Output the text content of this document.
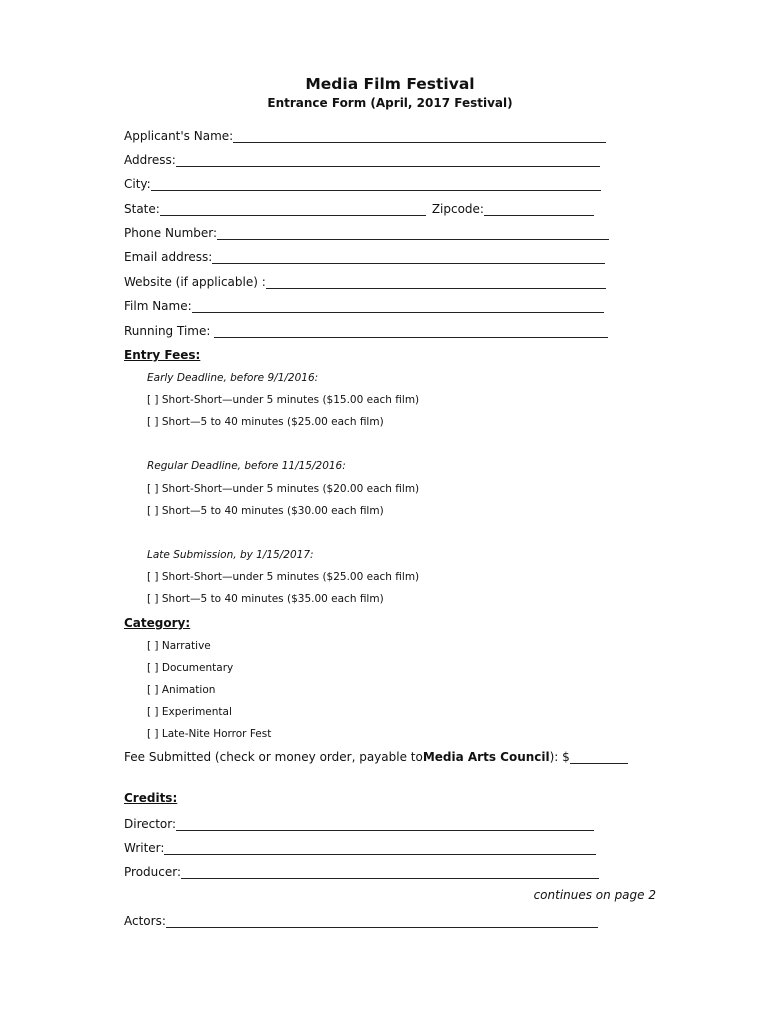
Media Film Festival
Entrance Form (April, 2017 Festival)
Applicant's Name:
Address:
City:
State:	Zipcode:
Phone Number:
Email address:
Website (if applicable) :
Film Name:
Running Time:
Entry Fees:
Early Deadline, before 9/1/2016:
[ ] Short-Short—under 5 minutes ($15.00 each film)
[ ] Short—5 to 40 minutes ($25.00 each film)
Regular Deadline, before 11/15/2016:
[ ] Short-Short—under 5 minutes ($20.00 each film)
[ ] Short—5 to 40 minutes ($30.00 each film)
Late Submission, by 1/15/2017:
[ ] Short-Short—under 5 minutes ($25.00 each film)
[ ] Short—5 to 40 minutes ($35.00 each film)
Category:
[ ] Narrative
[ ] Documentary
[ ] Animation
[ ] Experimental
[ ] Late-Nite Horror Fest
Fee Submitted (check or money order, payable to Media Arts Council ): $
Credits:
Director:
Writer:
Producer:
continues on page 2
Actors:
